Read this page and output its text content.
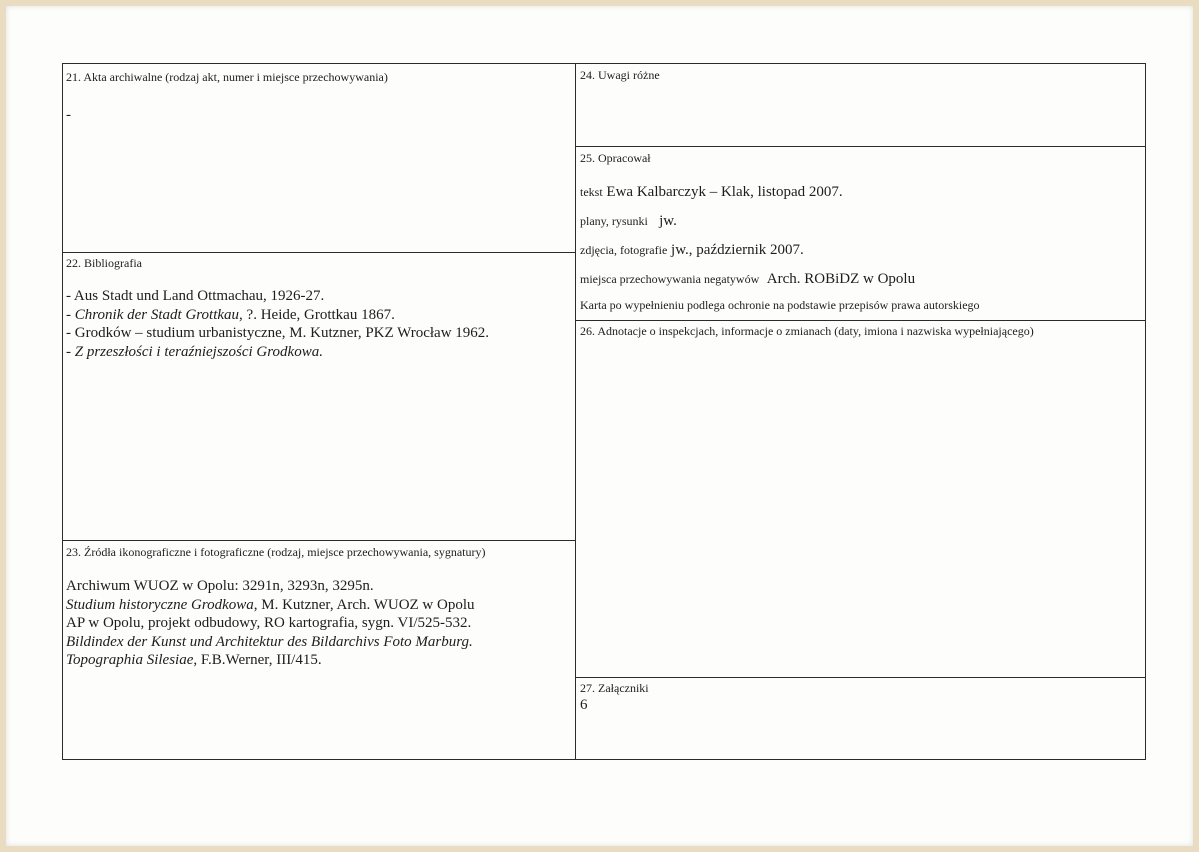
21. Akta archiwalne (rodzaj akt, numer i miejsce przechowywania)
-
22. Bibliografia
- Aus Stadt und Land Ottmachau, 1926-27.
- Chronik der Stadt Grottkau, ?. Heide, Grottkau 1867.
- Grodków – studium urbanistyczne, M. Kutzner, PKZ Wrocław 1962.
- Z przeszłości i teraźniejszości Grodkowa.
23. Źródła ikonograficzne i fotograficzne (rodzaj, miejsce przechowywania, sygnatury)
Archiwum WUOZ w Opolu: 3291n, 3293n, 3295n.
Studium historyczne Grodkowa, M. Kutzner, Arch. WUOZ w Opolu
AP w Opolu, projekt odbudowy, RO kartografia, sygn. VI/525-532.
Bildindex der Kunst und Architektur des Bildarchivs Foto Marburg.
Topographia Silesiae, F.B.Werner, III/415.
24. Uwagi różne
25. Opracował
tekst Ewa Kalbarczyk – Klak, listopad 2007.
plany, rysunki jw.
zdjęcia, fotografie jw., październik 2007.
miejsca przechowywania negatywów Arch. ROBiDZ w Opolu
Karta po wypełnieniu podlega ochronie na podstawie przepisów prawa autorskiego
26. Adnotacje o inspekcjach, informacje o zmianach (daty, imiona i nazwiska wypełniającego)
27. Załączniki
6
